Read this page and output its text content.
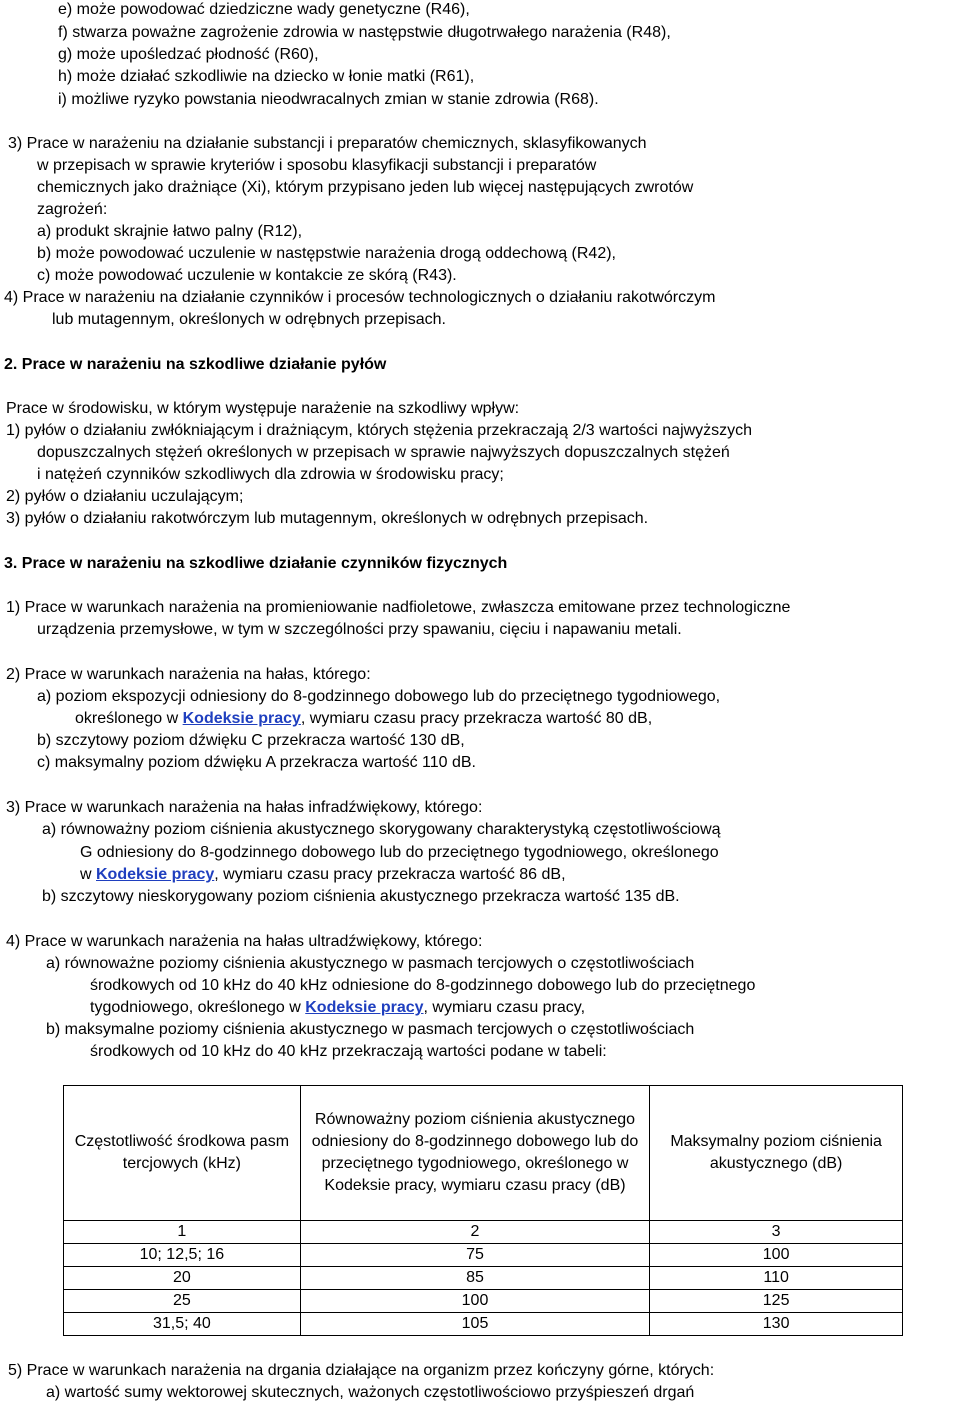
e) może powodować dziedziczne wady genetyczne (R46),
f) stwarza poważne zagrożenie zdrowia w następstwie długotrwałego narażenia (R48),
g) może upośledzać płodność (R60),
h) może działać szkodliwie na dziecko w łonie matki (R61),
i) możliwe ryzyko powstania nieodwracalnych zmian w stanie zdrowia (R68).
3) Prace w narażeniu na działanie substancji i preparatów chemicznych, sklasyfikowanych
w przepisach w sprawie kryteriów i sposobu klasyfikacji substancji i preparatów
chemicznych jako drażniące (Xi), którym przypisano jeden lub więcej następujących zwrotów
zagrożeń:
a) produkt skrajnie łatwo palny (R12),
b) może powodować uczulenie w następstwie narażenia drogą oddechową (R42),
c) może powodować uczulenie w kontakcie ze skórą (R43).
4) Prace w narażeniu na działanie czynników i procesów technologicznych o działaniu rakotwórczym
lub mutagennym, określonych w odrębnych przepisach.
2. Prace w narażeniu na szkodliwe działanie pyłów
Prace w środowisku, w którym występuje narażenie na szkodliwy wpływ:
1) pyłów o działaniu zwłókniającym i drażniącym, których stężenia przekraczają 2/3 wartości najwyższych
dopuszczalnych stężeń określonych w przepisach w sprawie najwyższych dopuszczalnych stężeń
i natężeń czynników szkodliwych dla zdrowia w środowisku pracy;
2) pyłów o działaniu uczulającym;
3) pyłów o działaniu rakotwórczym lub mutagennym, określonych w odrębnych przepisach.
3. Prace w narażeniu na szkodliwe działanie czynników fizycznych
1) Prace w warunkach narażenia na promieniowanie nadfioletowe, zwłaszcza emitowane przez technologiczne
urządzenia przemysłowe, w tym w szczególności przy spawaniu, cięciu i napawaniu metali.
2) Prace w warunkach narażenia na hałas, którego:
a) poziom ekspozycji odniesiony do 8-godzinnego dobowego lub do przeciętnego tygodniowego,
określonego w Kodeksie pracy, wymiaru czasu pracy przekracza wartość 80 dB,
b) szczytowy poziom dźwięku C przekracza wartość 130 dB,
c) maksymalny poziom dźwięku A przekracza wartość 110 dB.
3) Prace w warunkach narażenia na hałas infradźwiękowy, którego:
a) równoważny poziom ciśnienia akustycznego skorygowany charakterystyką częstotliwościową
G odniesiony do 8-godzinnego dobowego lub do przeciętnego tygodniowego, określonego
w Kodeksie pracy, wymiaru czasu pracy przekracza wartość 86 dB,
b) szczytowy nieskorygowany poziom ciśnienia akustycznego przekracza wartość 135 dB.
4) Prace w warunkach narażenia na hałas ultradźwiękowy, którego:
a) równoważne poziomy ciśnienia akustycznego w pasmach tercjowych o częstotliwościach
środkowych od 10 kHz do 40 kHz odniesione do 8-godzinnego dobowego lub do przeciętnego
tygodniowego, określonego w Kodeksie pracy, wymiaru czasu pracy,
b) maksymalne poziomy ciśnienia akustycznego w pasmach tercjowych o częstotliwościach
środkowych od 10 kHz do 40 kHz przekraczają wartości podane w tabeli:
Częstotliwość środkowa pasm tercjowych (kHz)	Równoważny poziom ciśnienia akustycznego odniesiony do 8-godzinnego dobowego lub do przeciętnego tygodniowego, określonego w Kodeksie pracy, wymiaru czasu pracy (dB)	Maksymalny poziom ciśnienia akustycznego (dB)
1	2	3
10; 12,5; 16	75	100
20	85	110
25	100	125
31,5; 40	105	130
5) Prace w warunkach narażenia na drgania działające na organizm przez kończyny górne, których:
a) wartość sumy wektorowej skutecznych, ważonych częstotliwościowo przyśpieszeń drgań
